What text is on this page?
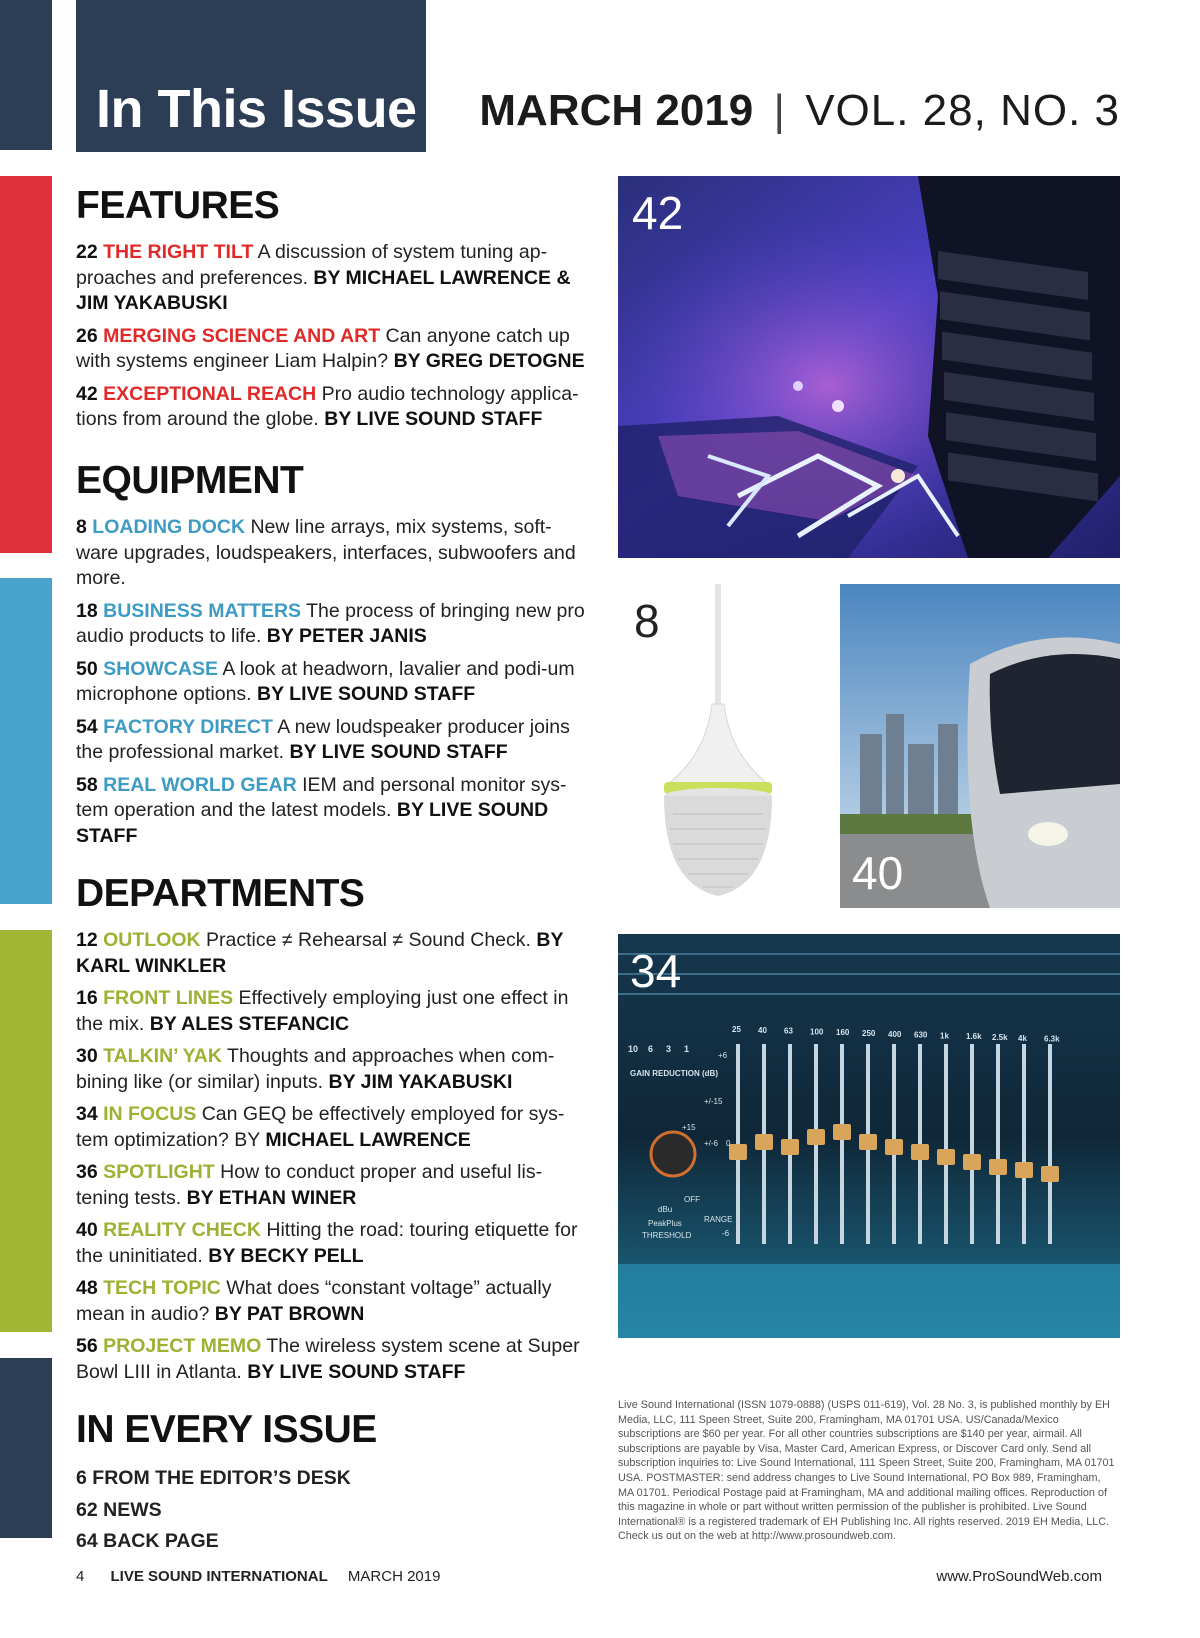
In This Issue MARCH 2019 | VOL. 28, NO. 3
FEATURES
22 THE RIGHT TILT A discussion of system tuning ap-proaches and preferences. BY MICHAEL LAWRENCE & JIM YAKABUSKI
26 MERGING SCIENCE AND ART Can anyone catch up with systems engineer Liam Halpin? BY GREG DETOGNE
42 EXCEPTIONAL REACH Pro audio technology applica-tions from around the globe. BY LIVE SOUND STAFF
EQUIPMENT
8 LOADING DOCK New line arrays, mix systems, soft-ware upgrades, loudspeakers, interfaces, subwoofers and more.
18 BUSINESS MATTERS The process of bringing new pro audio products to life. BY PETER JANIS
50 SHOWCASE A look at headworn, lavalier and podi-um microphone options. BY LIVE SOUND STAFF
54 FACTORY DIRECT A new loudspeaker producer joins the professional market. BY LIVE SOUND STAFF
58 REAL WORLD GEAR IEM and personal monitor sys-tem operation and the latest models. BY LIVE SOUND STAFF
DEPARTMENTS
12 OUTLOOK Practice ≠ Rehearsal ≠ Sound Check. BY KARL WINKLER
16 FRONT LINES Effectively employing just one effect in the mix. BY ALES STEFANCIC
30 TALKIN’ YAK Thoughts and approaches when com-bining like (or similar) inputs. BY JIM YAKABUSKI
34 IN FOCUS Can GEQ be effectively employed for sys-tem optimization? BY MICHAEL LAWRENCE
36 SPOTLIGHT How to conduct proper and useful lis-tening tests. BY ETHAN WINER
40 REALITY CHECK Hitting the road: touring etiquette for the uninitiated. BY BECKY PELL
48 TECH TOPIC What does “constant voltage” actually mean in audio? BY PAT BROWN
56 PROJECT MEMO The wireless system scene at Super Bowl LIII in Atlanta. BY LIVE SOUND STAFF
IN EVERY ISSUE
6 FROM THE EDITOR’S DESK
62 NEWS
64 BACK PAGE
42
8
40
25 40 63 100 160 250 400 630 1k 1.6k 2.5k 4k 6.3k
10 6 3 1
+6
GAIN REDUCTION (dB)
+/-15
+15
+/-6 0
OFF
dBu
RANGE
PeakPlus
THRESHOLD	-6
34
Live Sound International (ISSN 1079-0888) (USPS 011-619), Vol. 28 No. 3, is published monthly by EH Media, LLC, 111 Speen Street, Suite 200, Framingham, MA 01701 USA. US/Canada/Mexico subscriptions are $60 per year. For all other countries subscriptions are $140 per year, airmail. All subscriptions are payable by Visa, Master Card, American Express, or Discover Card only. Send all subscription inquiries to: Live Sound International, 111 Speen Street, Suite 200, Framingham, MA 01701 USA. POSTMASTER: send address changes to Live Sound International, PO Box 989, Framingham, MA 01701. Periodical Postage paid at Framingham, MA and additional mailing offices. Reproduction of this magazine in whole or part without written permission of the publisher is prohibited. Live Sound International® is a registered trademark of EH Publishing Inc. All rights reserved. 2019 EH Media, LLC. Check us out on the web at http://www.prosoundweb.com.
4 LIVE SOUND INTERNATIONAL MARCH 2019	www.ProSoundWeb.com
